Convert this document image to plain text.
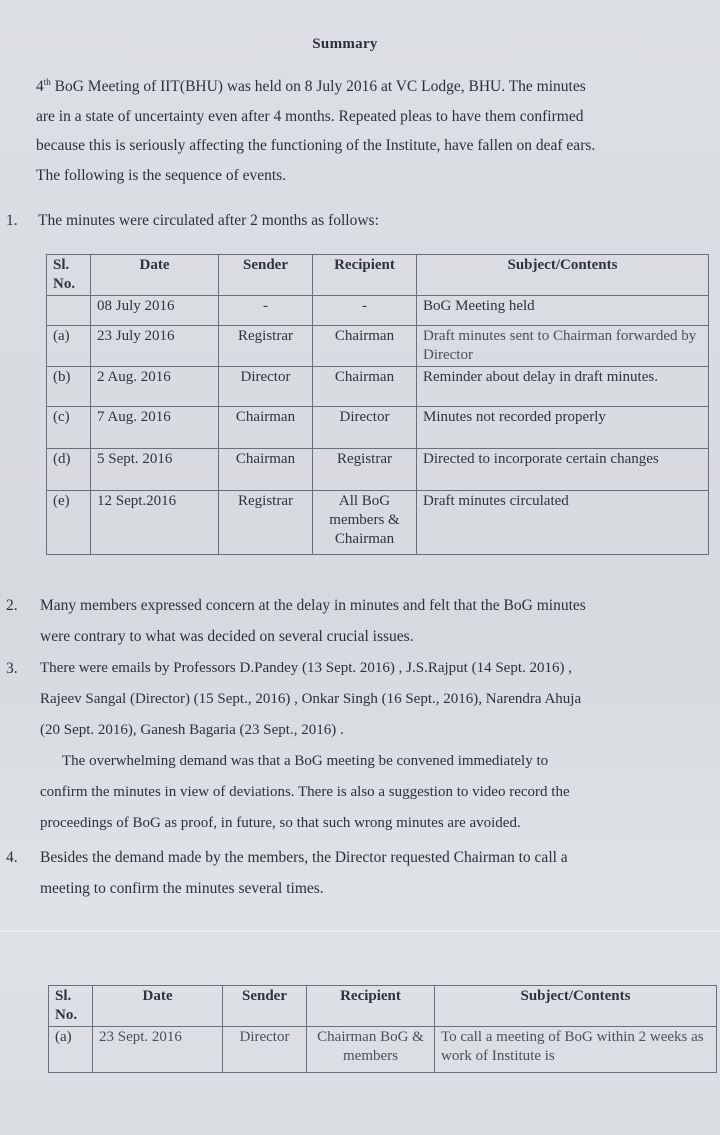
Summary
4th BoG Meeting of IIT(BHU) was held on 8 July 2016 at VC Lodge, BHU. The minutes
are in a state of uncertainty even after 4 months. Repeated pleas to have them confirmed
because this is seriously affecting the functioning of the Institute, have fallen on deaf ears.
The following is the sequence of events.
1. The minutes were circulated after 2 months as follows:
Sl. No.	Date	Sender	Recipient	Subject/Contents
	08 July 2016	-	-	BoG Meeting held
(a)	23 July 2016	Registrar	Chairman	Draft minutes sent to Chairman forwarded by Director
(b)	2 Aug. 2016	Director	Chairman	Reminder about delay in draft minutes.
(c)	7 Aug. 2016	Chairman	Director	Minutes not recorded properly
(d)	5 Sept. 2016	Chairman	Registrar	Directed to incorporate certain changes
(e)	12 Sept.2016	Registrar	All BoG members & Chairman	Draft minutes circulated
2. Many members expressed concern at the delay in minutes and felt that the BoG minutes
were contrary to what was decided on several crucial issues.
3. There were emails by Professors D.Pandey (13 Sept. 2016) , J.S.Rajput (14 Sept. 2016) ,
Rajeev Sangal (Director) (15 Sept., 2016) , Onkar Singh (16 Sept., 2016), Narendra Ahuja
(20 Sept. 2016), Ganesh Bagaria (23 Sept., 2016) .
The overwhelming demand was that a BoG meeting be convened immediately to
confirm the minutes in view of deviations. There is also a suggestion to video record the
proceedings of BoG as proof, in future, so that such wrong minutes are avoided.
4. Besides the demand made by the members, the Director requested Chairman to call a
meeting to confirm the minutes several times.
Sl. No.	Date	Sender	Recipient	Subject/Contents
(a)	23 Sept. 2016	Director	Chairman BoG & members	To call a meeting of BoG within 2 weeks as work of Institute is
